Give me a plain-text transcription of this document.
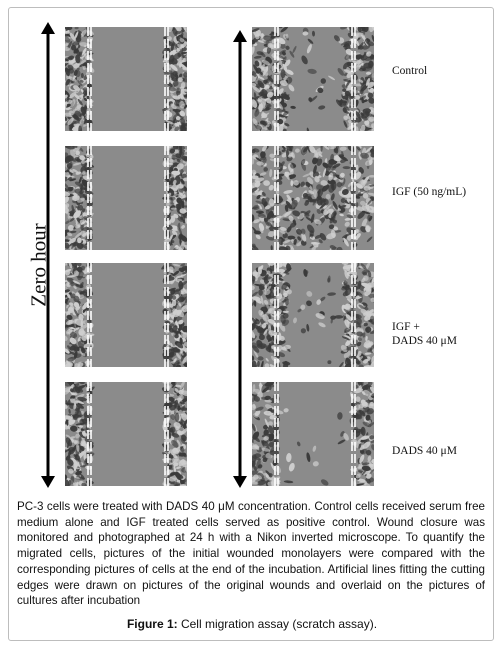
Zero hour
Control
IGF (50 ng/mL)
IGF +
DADS 40 μM
DADS 40 μM
PC-3 cells were treated with DADS 40 μM concentration. Control cells received serum free medium alone and IGF treated cells served as positive control. Wound closure was monitored and photographed at 24 h with a Nikon inverted microscope. To quantify the migrated cells, pictures of the initial wounded monolayers were compared with the corresponding pictures of cells at the end of the incubation. Artificial lines fitting the cutting edges were drawn on pictures of the original wounds and overlaid on the pictures of cultures after incubation
Figure 1: Cell migration assay (scratch assay).
